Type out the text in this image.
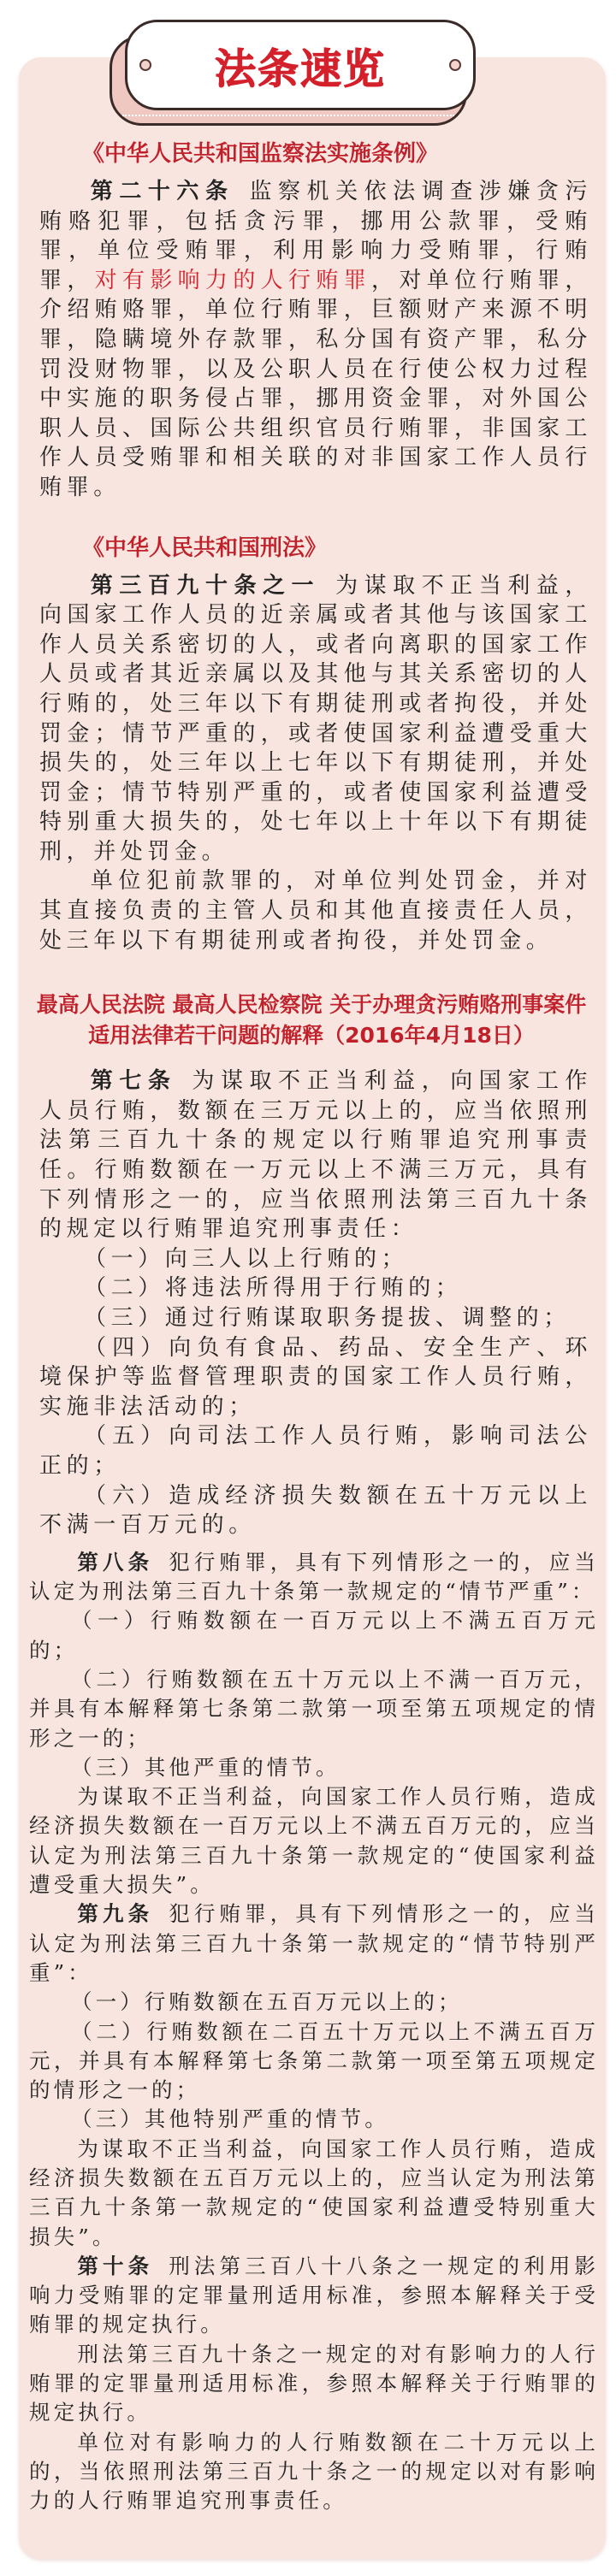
法条速览
《中华人民共和国监察法实施条例》

第二十六条 监察机关依法调查涉嫌贪污贿赂犯罪，包括贪污罪，挪用公款罪，受贿罪，单位受贿罪，利用影响力受贿罪，行贿罪，对有影响力的人行贿罪，对单位行贿罪，介绍贿赂罪，单位行贿罪，巨额财产来源不明罪，隐瞒境外存款罪，私分国有资产罪，私分罚没财物罪，以及公职人员在行使公权力过程中实施的职务侵占罪，挪用资金罪，对外国公职人员、国际公共组织官员行贿罪，非国家工作人员受贿罪和相关联的对非国家工作人员行贿罪。

《中华人民共和国刑法》

第三百九十条之一 为谋取不正当利益，向国家工作人员的近亲属或者其他与该国家工作人员关系密切的人，或者向离职的国家工作人员或者其近亲属以及其他与其关系密切的人行贿的，处三年以下有期徒刑或者拘役，并处罚金；情节严重的，或者使国家利益遭受重大损失的，处三年以上七年以下有期徒刑，并处罚金；情节特别严重的，或者使国家利益遭受特别重大损失的，处七年以上十年以下有期徒刑，并处罚金。

单位犯前款罪的，对单位判处罚金，并对其直接负责的主管人员和其他直接责任人员，处三年以下有期徒刑或者拘役，并处罚金。

最高人民法院 最高人民检察院 关于办理贪污贿赂刑事案件适用法律若干问题的解释（2016年4月18日）

第七条 为谋取不正当利益，向国家工作人员行贿，数额在三万元以上的，应当依照刑法第三百九十条的规定以行贿罪追究刑事责任。行贿数额在一万元以上不满三万元，具有下列情形之一的，应当依照刑法第三百九十条的规定以行贿罪追究刑事责任：

（一）向三人以上行贿的；

（二）将违法所得用于行贿的；

（三）通过行贿谋取职务提拔、调整的；

（四）向负有食品、药品、安全生产、环境保护等监督管理职责的国家工作人员行贿，实施非法活动的；

（五）向司法工作人员行贿，影响司法公正的；

（六）造成经济损失数额在五十万元以上不满一百万元的。

第八条 犯行贿罪，具有下列情形之一的，应当认定为刑法第三百九十条第一款规定的“情节严重”：

（一）行贿数额在一百万元以上不满五百万元的；

（二）行贿数额在五十万元以上不满一百万元，并具有本解释第七条第二款第一项至第五项规定的情形之一的；

（三）其他严重的情节。

为谋取不正当利益，向国家工作人员行贿，造成经济损失数额在一百万元以上不满五百万元的，应当认定为刑法第三百九十条第一款规定的“使国家利益遭受重大损失”。

第九条 犯行贿罪，具有下列情形之一的，应当认定为刑法第三百九十条第一款规定的“情节特别严重”：

（一）行贿数额在五百万元以上的；

（二）行贿数额在二百五十万元以上不满五百万元，并具有本解释第七条第二款第一项至第五项规定的情形之一的；

（三）其他特别严重的情节。

为谋取不正当利益，向国家工作人员行贿，造成经济损失数额在五百万元以上的，应当认定为刑法第三百九十条第一款规定的“使国家利益遭受特别重大损失”。

第十条 刑法第三百八十八条之一规定的利用影响力受贿罪的定罪量刑适用标准，参照本解释关于受贿罪的规定执行。

刑法第三百九十条之一规定的对有影响力的人行贿罪的定罪量刑适用标准，参照本解释关于行贿罪的规定执行。

单位对有影响力的人行贿数额在二十万元以上的，当依照刑法第三百九十条之一的规定以对有影响力的人行贿罪追究刑事责任。
